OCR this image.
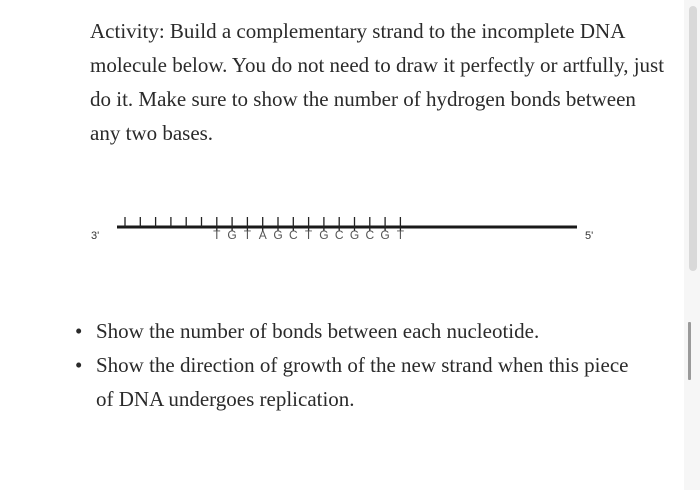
Activity: Build a complementary strand to the incomplete DNA molecule below. You do not need to draw it perfectly or artfully, just do it. Make sure to show the number of hydrogen bonds between any two bases.

3'	T G T A G C T G C G C G T	5'
• Show the number of bonds between each nucleotide.
• Show the direction of growth of the new strand when this piece of DNA undergoes replication.
